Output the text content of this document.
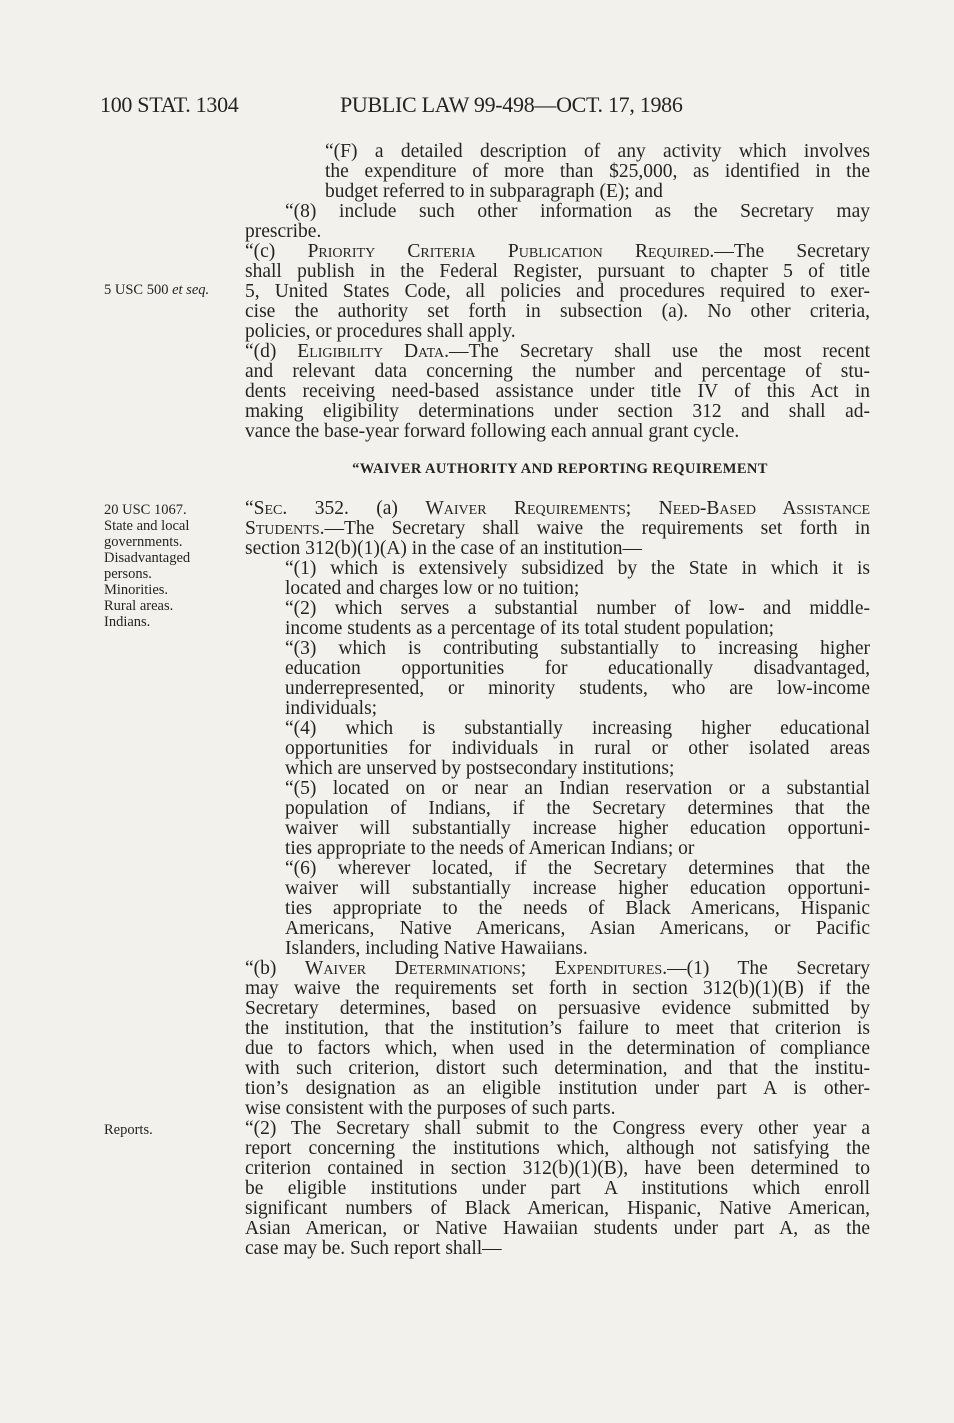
100 STAT. 1304	PUBLIC LAW 99-498—OCT. 17, 1986
“WAIVER AUTHORITY AND REPORTING REQUIREMENT
5 USC 500 et seq.
20 USC 1067.
State and local
governments.
Disadvantaged
persons.
Minorities.
Rural areas.
Indians.
Reports.
“(F) a detailed description of any activity which involves
the expenditure of more than $25,000, as identified in the
budget referred to in subparagraph (E); and
“(8) include such other information as the Secretary may
prescribe.
“(c) Priority Criteria Publication Required.—The Secretary
shall publish in the Federal Register, pursuant to chapter 5 of title
5, United States Code, all policies and procedures required to exer-
cise the authority set forth in subsection (a). No other criteria,
policies, or procedures shall apply.
“(d) Eligibility Data.—The Secretary shall use the most recent
and relevant data concerning the number and percentage of stu-
dents receiving need-based assistance under title IV of this Act in
making eligibility determinations under section 312 and shall ad-
vance the base-year forward following each annual grant cycle.
“Sec. 352. (a) Waiver Requirements; Need-Based Assistance
Students.—The Secretary shall waive the requirements set forth in
section 312(b)(1)(A) in the case of an institution—
“(1) which is extensively subsidized by the State in which it is
located and charges low or no tuition;
“(2) which serves a substantial number of low- and middle-
income students as a percentage of its total student population;
“(3) which is contributing substantially to increasing higher
education opportunities for educationally disadvantaged,
underrepresented, or minority students, who are low-income
individuals;
“(4) which is substantially increasing higher educational
opportunities for individuals in rural or other isolated areas
which are unserved by postsecondary institutions;
“(5) located on or near an Indian reservation or a substantial
population of Indians, if the Secretary determines that the
waiver will substantially increase higher education opportuni-
ties appropriate to the needs of American Indians; or
“(6) wherever located, if the Secretary determines that the
waiver will substantially increase higher education opportuni-
ties appropriate to the needs of Black Americans, Hispanic
Americans, Native Americans, Asian Americans, or Pacific
Islanders, including Native Hawaiians.
“(b) Waiver Determinations; Expenditures.—(1) The Secretary
may waive the requirements set forth in section 312(b)(1)(B) if the
Secretary determines, based on persuasive evidence submitted by
the institution, that the institution’s failure to meet that criterion is
due to factors which, when used in the determination of compliance
with such criterion, distort such determination, and that the institu-
tion’s designation as an eligible institution under part A is other-
wise consistent with the purposes of such parts.
“(2) The Secretary shall submit to the Congress every other year a
report concerning the institutions which, although not satisfying the
criterion contained in section 312(b)(1)(B), have been determined to
be eligible institutions under part A institutions which enroll
significant numbers of Black American, Hispanic, Native American,
Asian American, or Native Hawaiian students under part A, as the
case may be. Such report shall—
